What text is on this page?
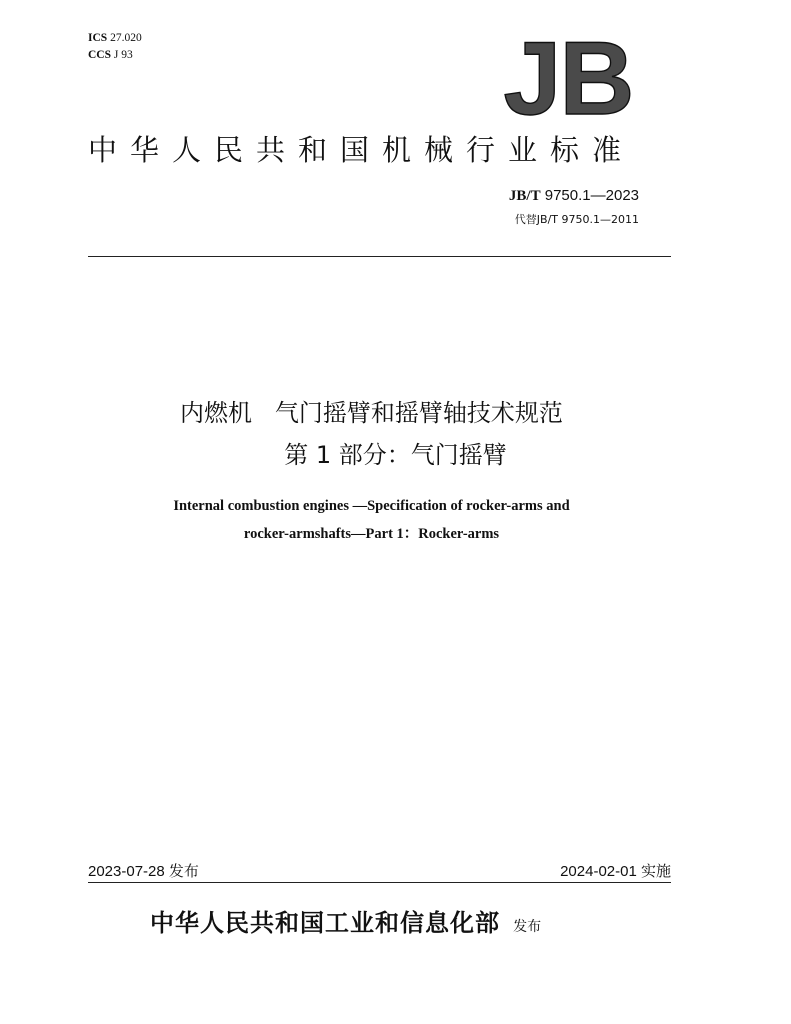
ICS 27.020
CCS J 93	JB
中华人民共和国机械行业标准
JB/T 9750.1—2023
代替JB/T 9750.1—2011
内燃机   气门摇臂和摇臂轴技术规范
第 1 部分：气门摇臂
Internal combustion engines —Specification of rocker-arms and
rocker-armshafts—Part 1：Rocker-arms
2023-07-28 发布	2024-02-01 实施
中华人民共和国工业和信息化部 发布
